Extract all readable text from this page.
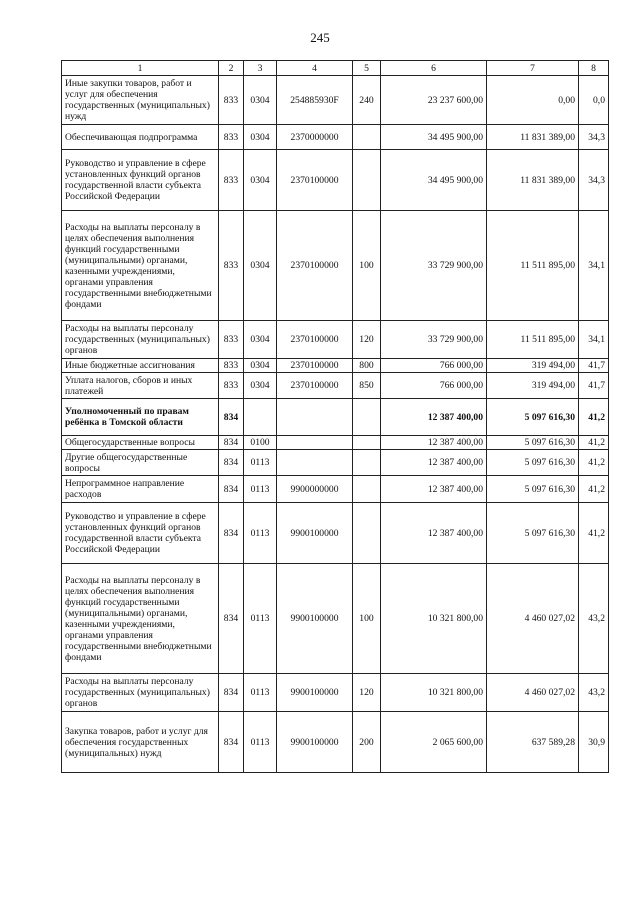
245
1	2	3	4	5	6	7	8
Иные закупки товаров, работ и услуг для обеспечения государственных (муниципальных) нужд	833	0304	254885930F	240	23 237 600,00	0,00	0,0
Обеспечивающая подпрограмма	833	0304	2370000000		34 495 900,00	11 831 389,00	34,3
Руководство и управление в сфере установленных функций органов государственной власти субъекта Российской Федерации	833	0304	2370100000		34 495 900,00	11 831 389,00	34,3
Расходы на выплаты персоналу в целях обеспечения выполнения функций государственными (муниципальными) органами, казенными учреждениями, органами управления государственными внебюджетными фондами	833	0304	2370100000	100	33 729 900,00	11 511 895,00	34,1
Расходы на выплаты персоналу государственных (муниципальных) органов	833	0304	2370100000	120	33 729 900,00	11 511 895,00	34,1
Иные бюджетные ассигнования	833	0304	2370100000	800	766 000,00	319 494,00	41,7
Уплата налогов, сборов и иных платежей	833	0304	2370100000	850	766 000,00	319 494,00	41,7
Уполномоченный по правам ребёнка в Томской области	834				12 387 400,00	5 097 616,30	41,2
Общегосударственные вопросы	834	0100			12 387 400,00	5 097 616,30	41,2
Другие общегосударственные вопросы	834	0113			12 387 400,00	5 097 616,30	41,2
Непрограммное направление расходов	834	0113	9900000000		12 387 400,00	5 097 616,30	41,2
Руководство и управление в сфере установленных функций органов государственной власти субъекта Российской Федерации	834	0113	9900100000		12 387 400,00	5 097 616,30	41,2
Расходы на выплаты персоналу в целях обеспечения выполнения функций государственными (муниципальными) органами, казенными учреждениями, органами управления государственными внебюджетными фондами	834	0113	9900100000	100	10 321 800,00	4 460 027,02	43,2
Расходы на выплаты персоналу государственных (муниципальных) органов	834	0113	9900100000	120	10 321 800,00	4 460 027,02	43,2
Закупка товаров, работ и услуг для обеспечения государственных (муниципальных) нужд	834	0113	9900100000	200	2 065 600,00	637 589,28	30,9
